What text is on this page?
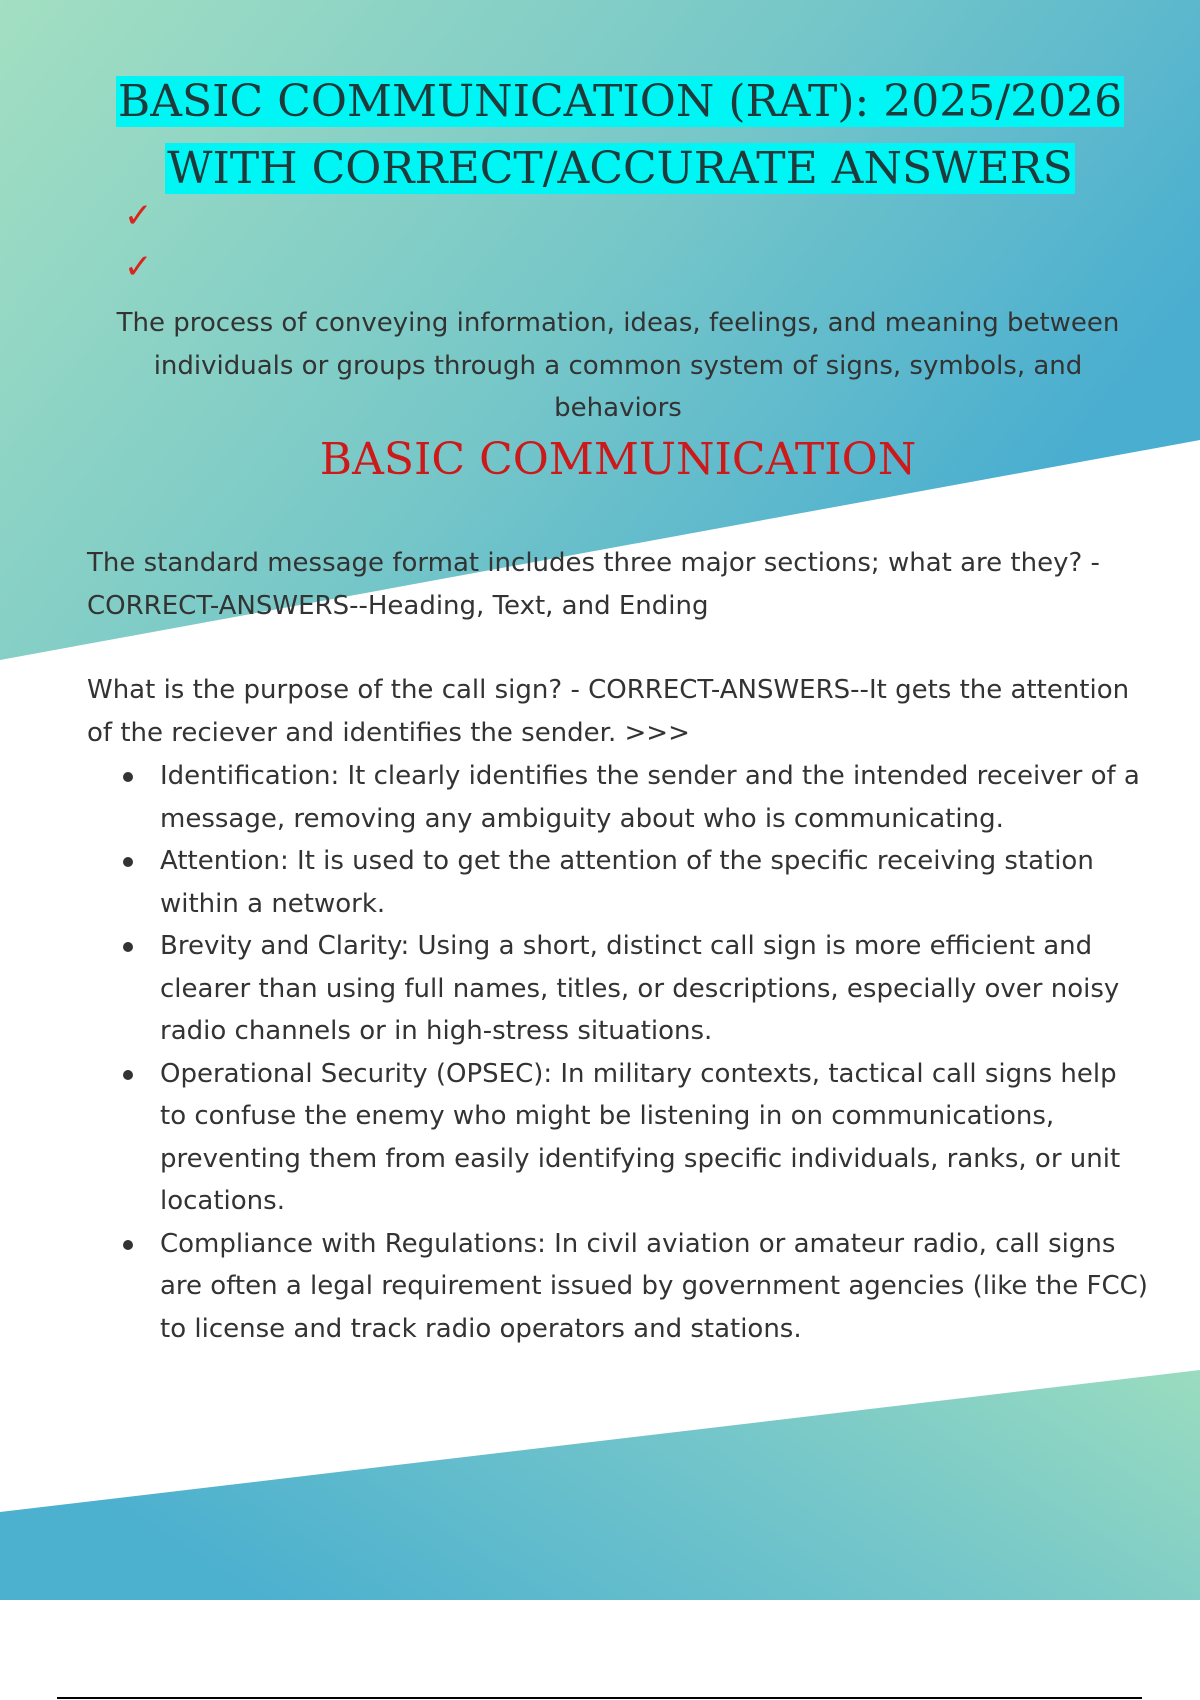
BASIC COMMUNICATION (RAT): 2025/2026
WITH CORRECT/ACCURATE ANSWERS
✓
✓
The process of conveying information, ideas, feelings, and meaning between individuals or groups through a common system of signs, symbols, and behaviors
BASIC COMMUNICATION

The standard message format includes three major sections; what are they? - CORRECT-ANSWERS--Heading, Text, and Ending

What is the purpose of the call sign? - CORRECT-ANSWERS--It gets the attention of the reciever and identifies the sender. >>>

Identification: It clearly identifies the sender and the intended receiver of a message, removing any ambiguity about who is communicating.
Attention: It is used to get the attention of the specific receiving station within a network.
Brevity and Clarity: Using a short, distinct call sign is more efficient and clearer than using full names, titles, or descriptions, especially over noisy radio channels or in high-stress situations.
Operational Security (OPSEC): In military contexts, tactical call signs help to confuse the enemy who might be listening in on communications, preventing them from easily identifying specific individuals, ranks, or unit locations.
Compliance with Regulations: In civil aviation or amateur radio, call signs are often a legal requirement issued by government agencies (like the FCC) to license and track radio operators and stations.
